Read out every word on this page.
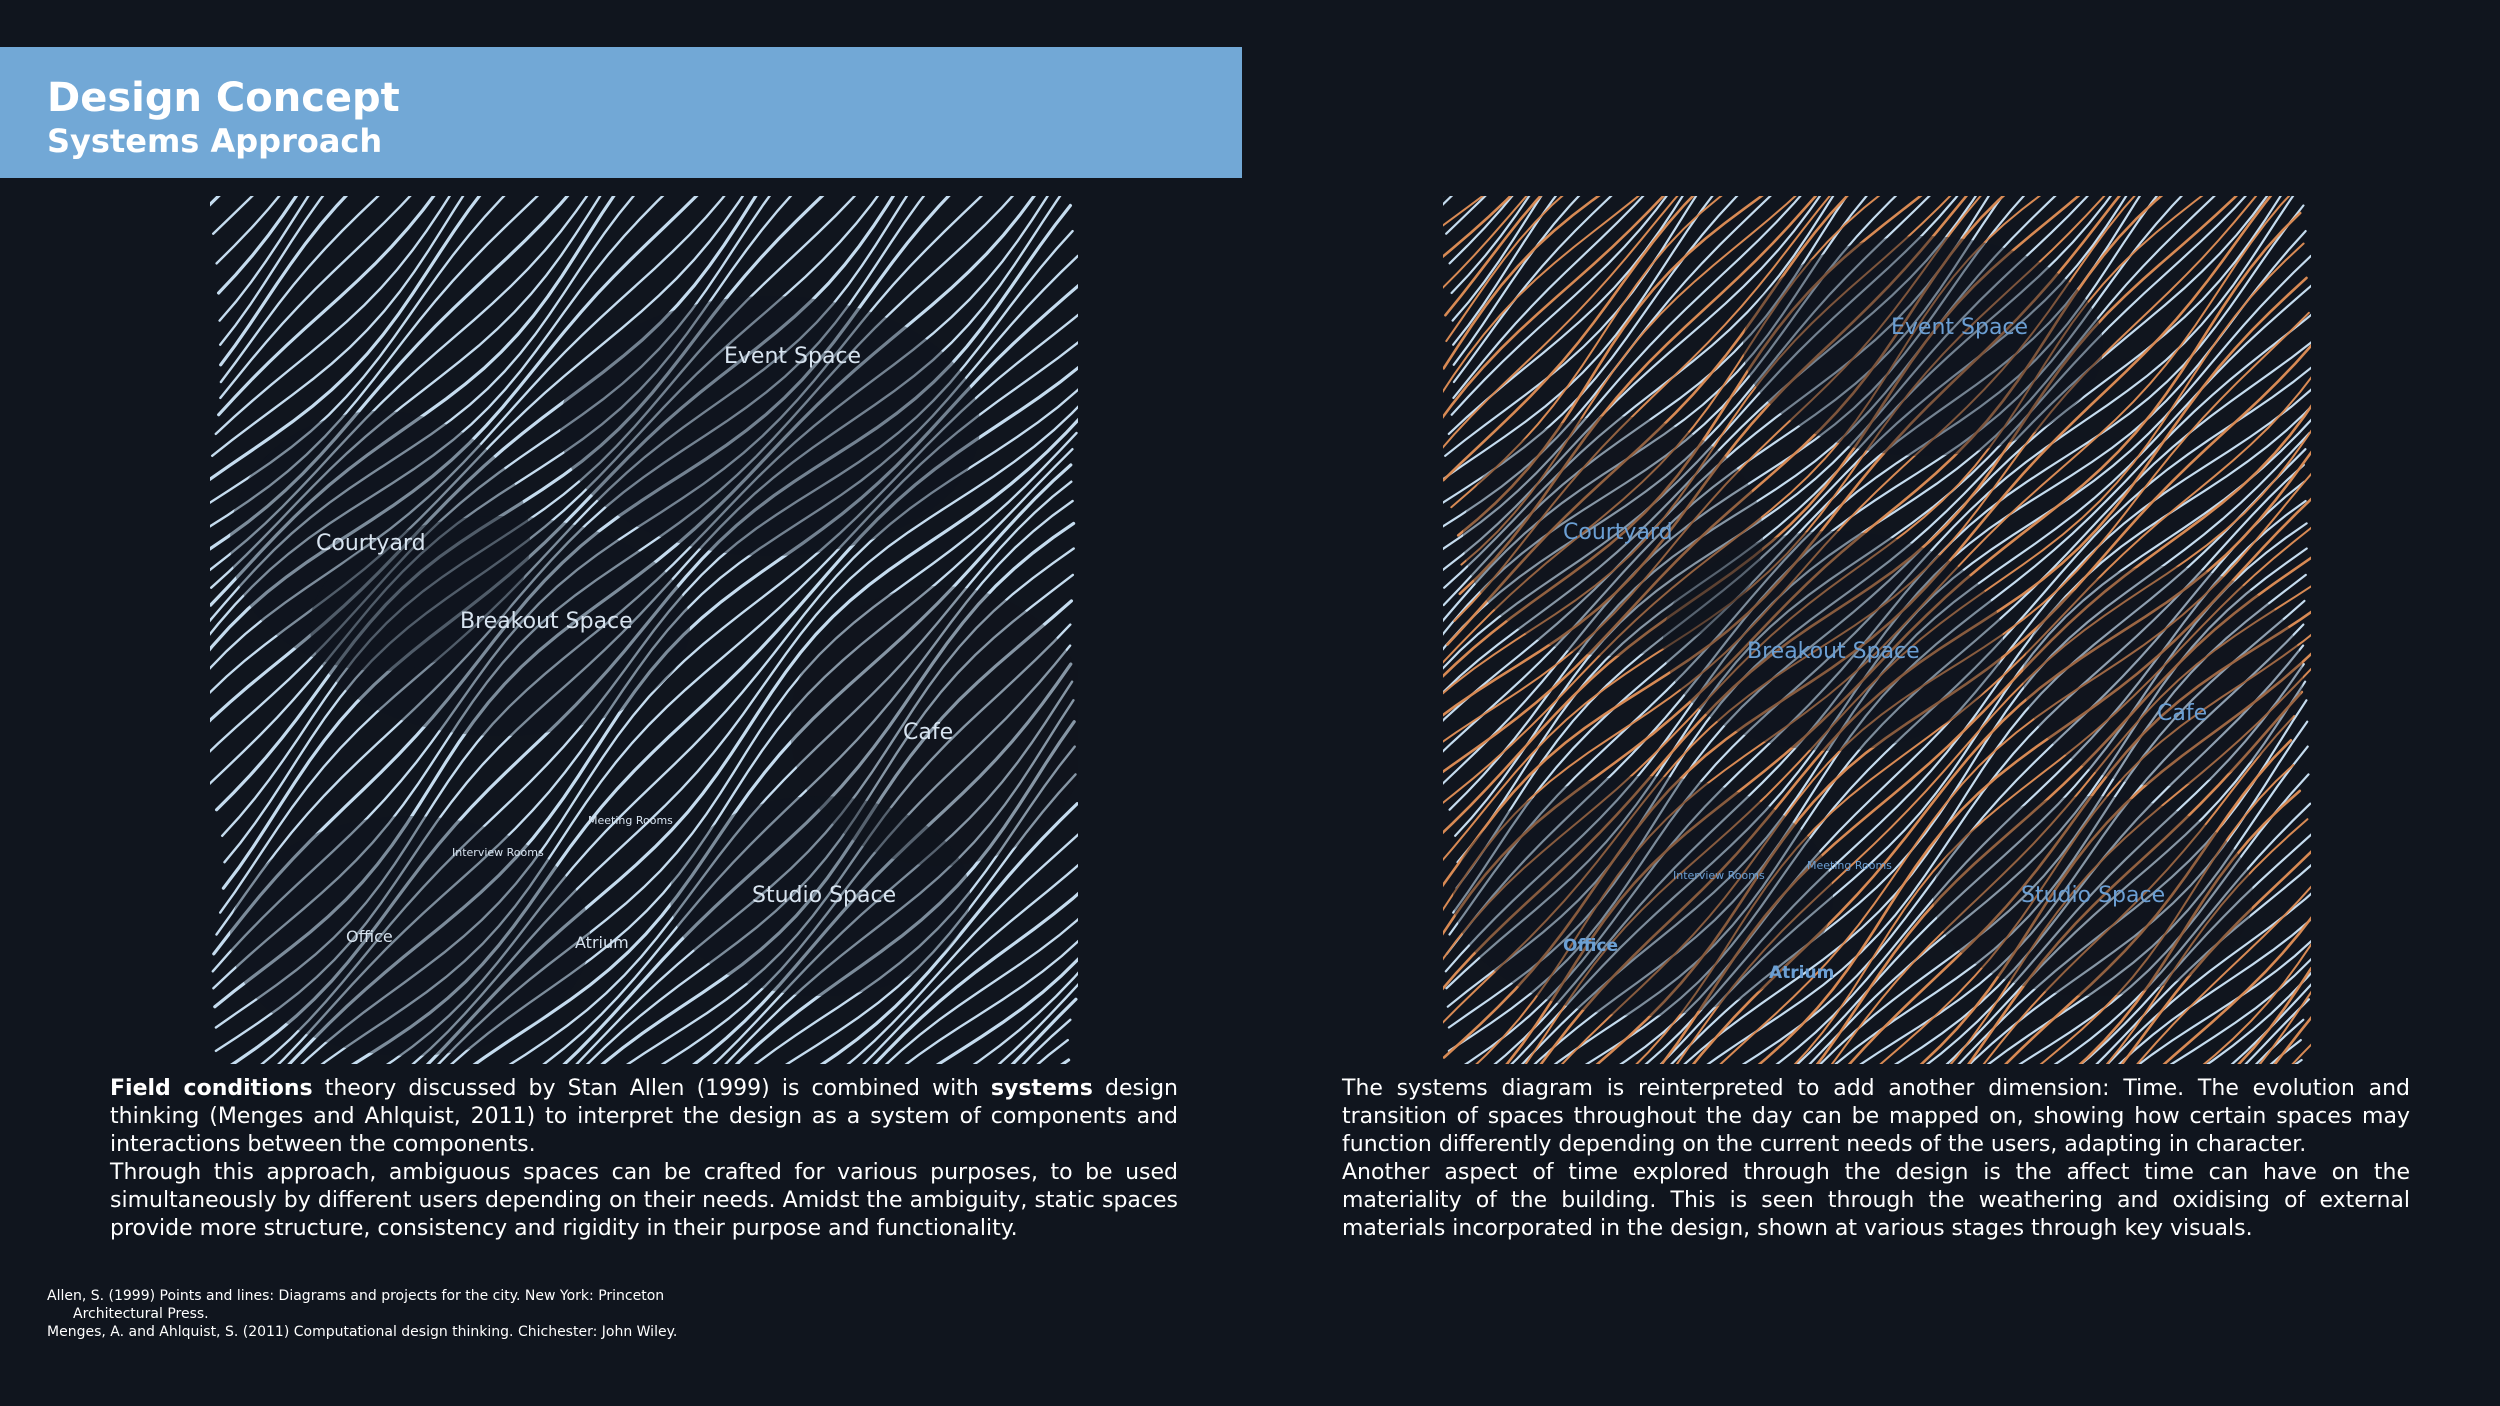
Design Concept
Systems Approach
Event Space
Courtyard
Breakout Space
Cafe
Meeting Rooms
Interview Rooms
Studio Space
Office	Atrium
Event Space
Courtyard
Breakout Space
Cafe
Interview Rooms
Meeting Rooms
Studio Space
Office
Atrium

Field conditions theory discussed by Stan Allen (1999) is combined with systems design thinking (Menges and Ahlquist, 2011) to interpret the design as a system of components and interactions between the components.

Through this approach, ambiguous spaces can be crafted for various purposes, to be used simultaneously by different users depending on their needs. Amidst the ambiguity, static spaces provide more structure, consistency and rigidity in their purpose and functionality.

The systems diagram is reinterpreted to add another dimension: Time. The evolution and transition of spaces throughout the day can be mapped on, showing how certain spaces may function differently depending on the current needs of the users, adapting in character.

Another aspect of time explored through the design is the affect time can have on the materiality of the building. This is seen through the weathering and oxidising of external materials incorporated in the design, shown at various stages through key visuals.

Allen, S. (1999) Points and lines: Diagrams and projects for the city. New York: Princeton

Architectural Press.

Menges, A. and Ahlquist, S. (2011) Computational design thinking. Chichester: John Wiley.
